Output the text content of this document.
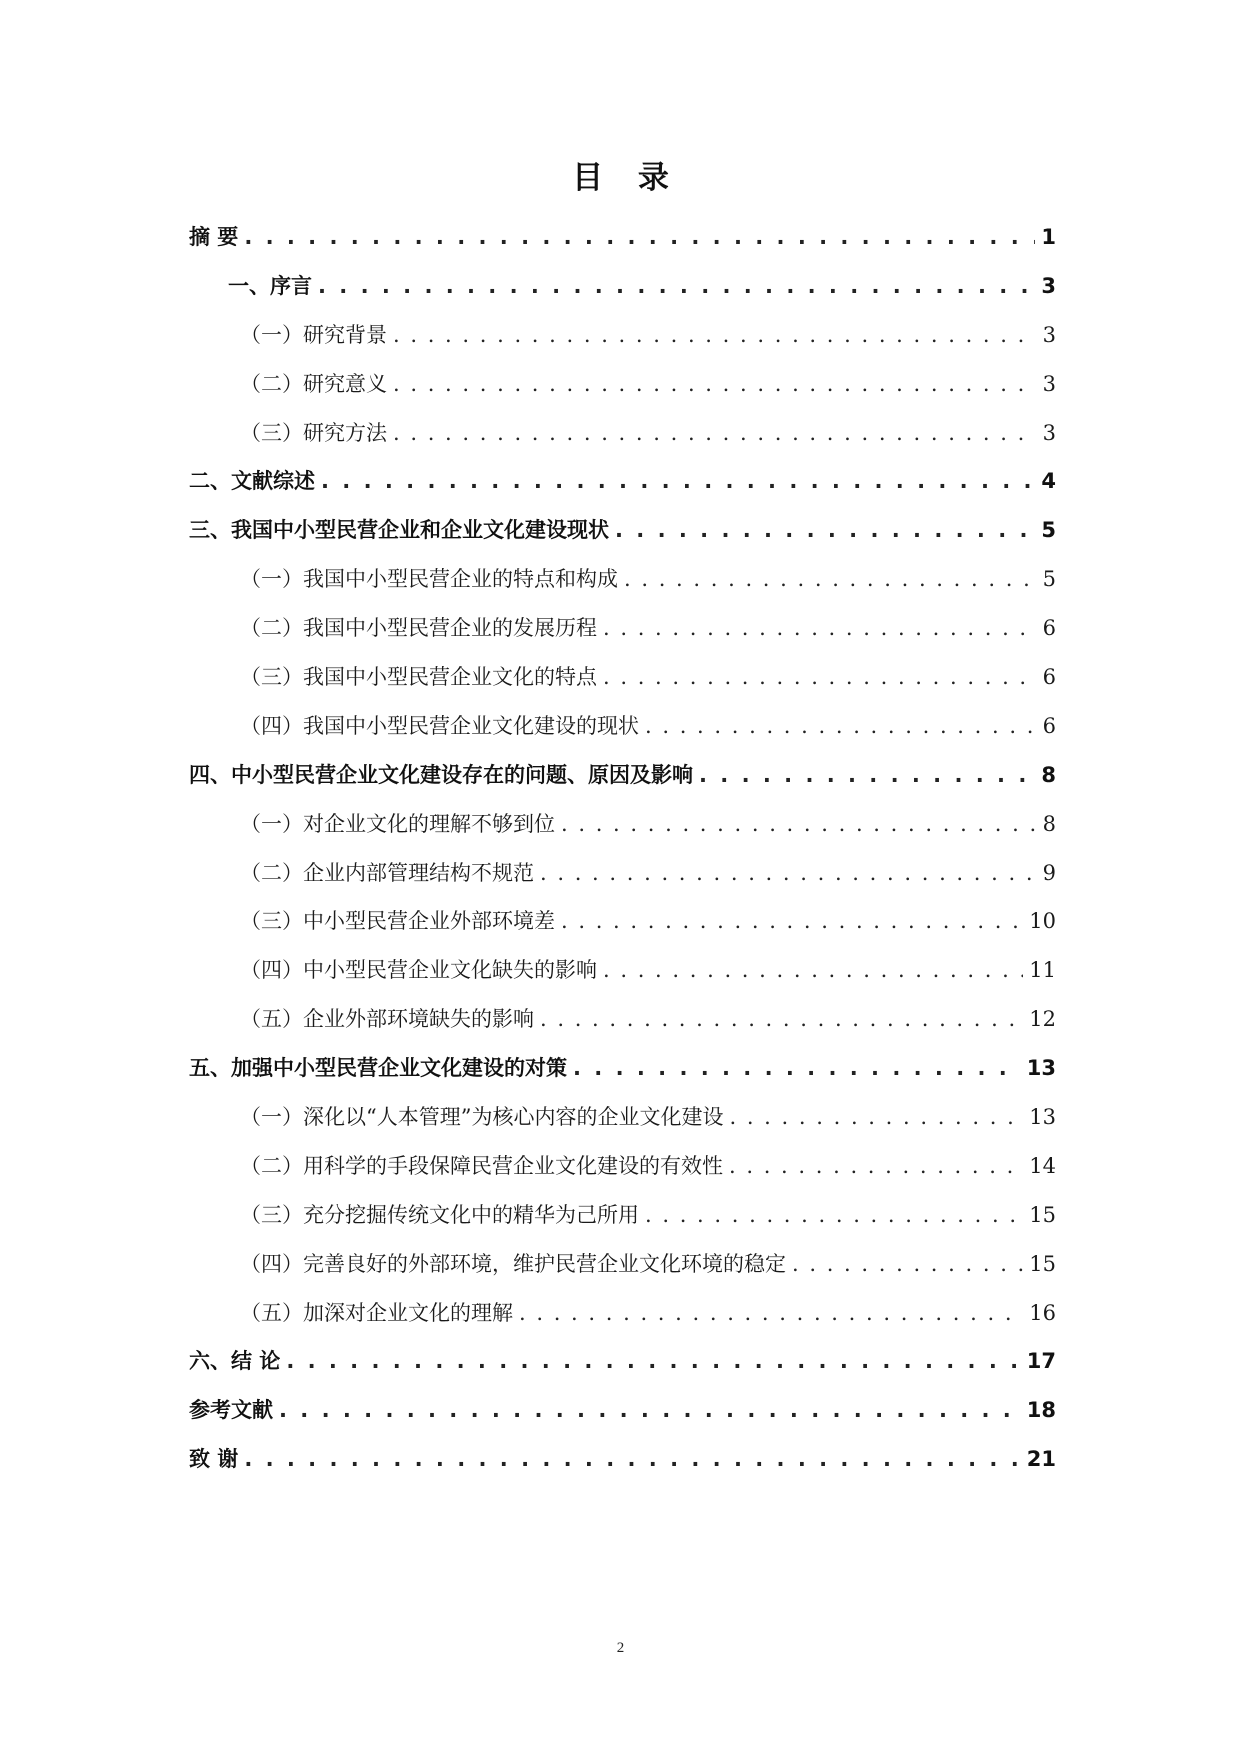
目 录
摘 要 . . .	1
一、序言 . . .	3
（一）研究背景 . . .	3
（二）研究意义 . . .	3
（三）研究方法 . . .	3
二、文献综述 . . .	4
三、我国中小型民营企业和企业文化建设现状 . . .	5
（一）我国中小型民营企业的特点和构成 . . .	5
（二）我国中小型民营企业的发展历程 . . .	6
（三）我国中小型民营企业文化的特点 . . .	6
（四）我国中小型民营企业文化建设的现状 . . .	6
四、中小型民营企业文化建设存在的问题、原因及影响 . . .	8
（一）对企业文化的理解不够到位 . . .	8
（二）企业内部管理结构不规范 . . .	9
（三）中小型民营企业外部环境差 . . .	10
（四）中小型民营企业文化缺失的影响 . . .	11
（五）企业外部环境缺失的影响 . . .	12
五、加强中小型民营企业文化建设的对策 . . .	13
（一）深化以“人本管理”为核心内容的企业文化建设 . . .	13
（二）用科学的手段保障民营企业文化建设的有效性 . . .	14
（三）充分挖掘传统文化中的精华为己所用 . . .	15
（四）完善良好的外部环境，维护民营企业文化环境的稳定 . . .	15
（五）加深对企业文化的理解 . . .	16
六、结 论 . . .	17
参考文献 . . .	18
致 谢 . . .	21
2
